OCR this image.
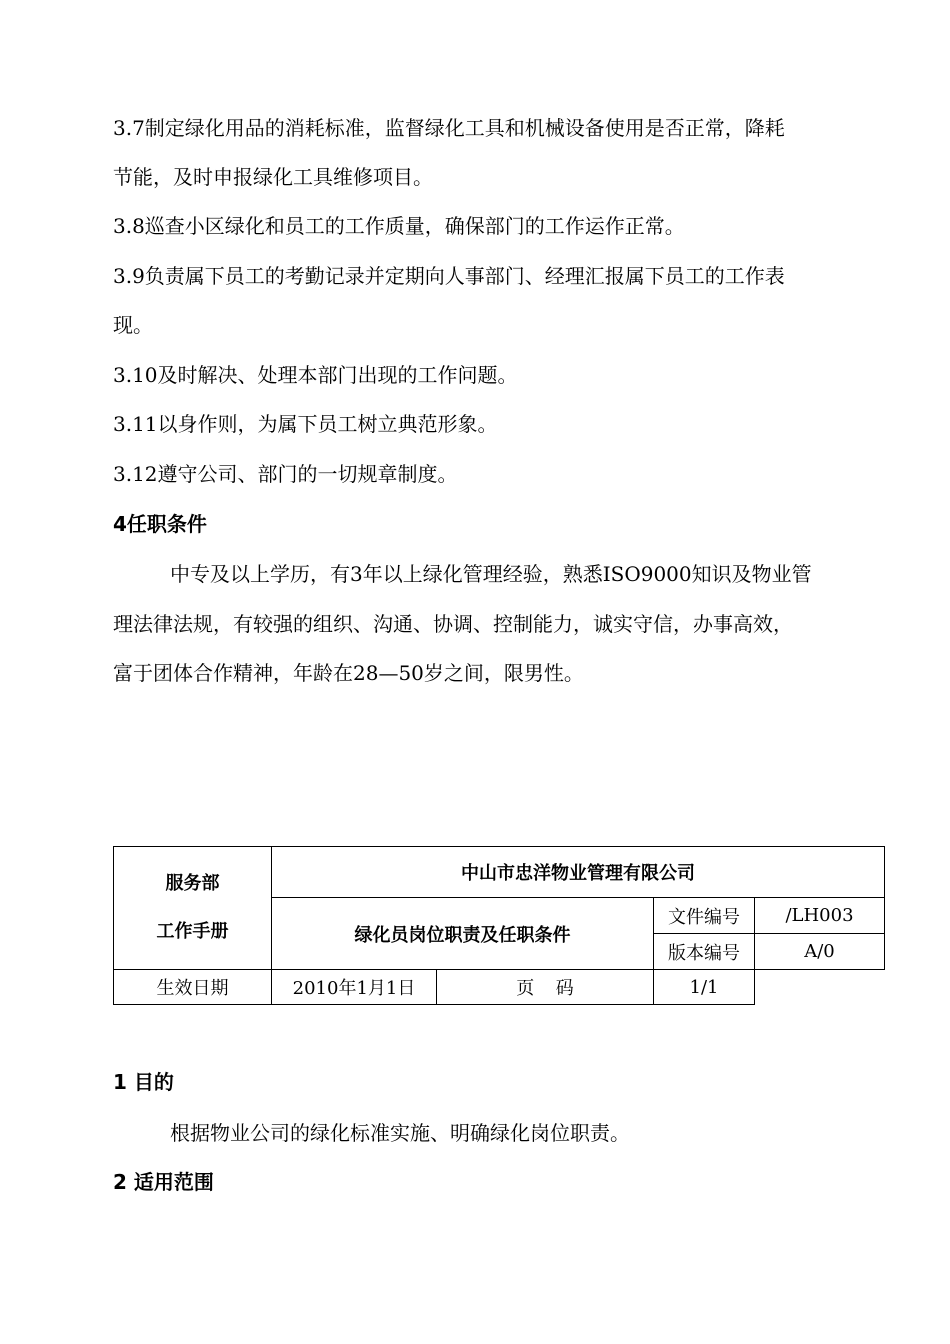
3.7制定绿化用品的消耗标准，监督绿化工具和机械设备使用是否正常，降耗
节能，及时申报绿化工具维修项目。
3.8巡查小区绿化和员工的工作质量，确保部门的工作运作正常。
3.9负责属下员工的考勤记录并定期向人事部门、经理汇报属下员工的工作表
现。
3.10及时解决、处理本部门出现的工作问题。
3.11以身作则，为属下员工树立典范形象。
3.12遵守公司、部门的一切规章制度。
4任职条件
中专及以上学历，有3年以上绿化管理经验，熟悉ISO9000知识及物业管
理法律法规，有较强的组织、沟通、协调、控制能力，诚实守信，办事高效，
富于团体合作精神，年龄在28—50岁之间，限男性。
服务部
工作手册	中山市忠洋物业管理有限公司			
	绿化员岗位职责及任职条件		文件编号	/LH003
			版本编号	A/0
生效日期	2010年1月1日	页码	1/1	
1 目的
根据物业公司的绿化标准实施、明确绿化岗位职责。
2 适用范围
